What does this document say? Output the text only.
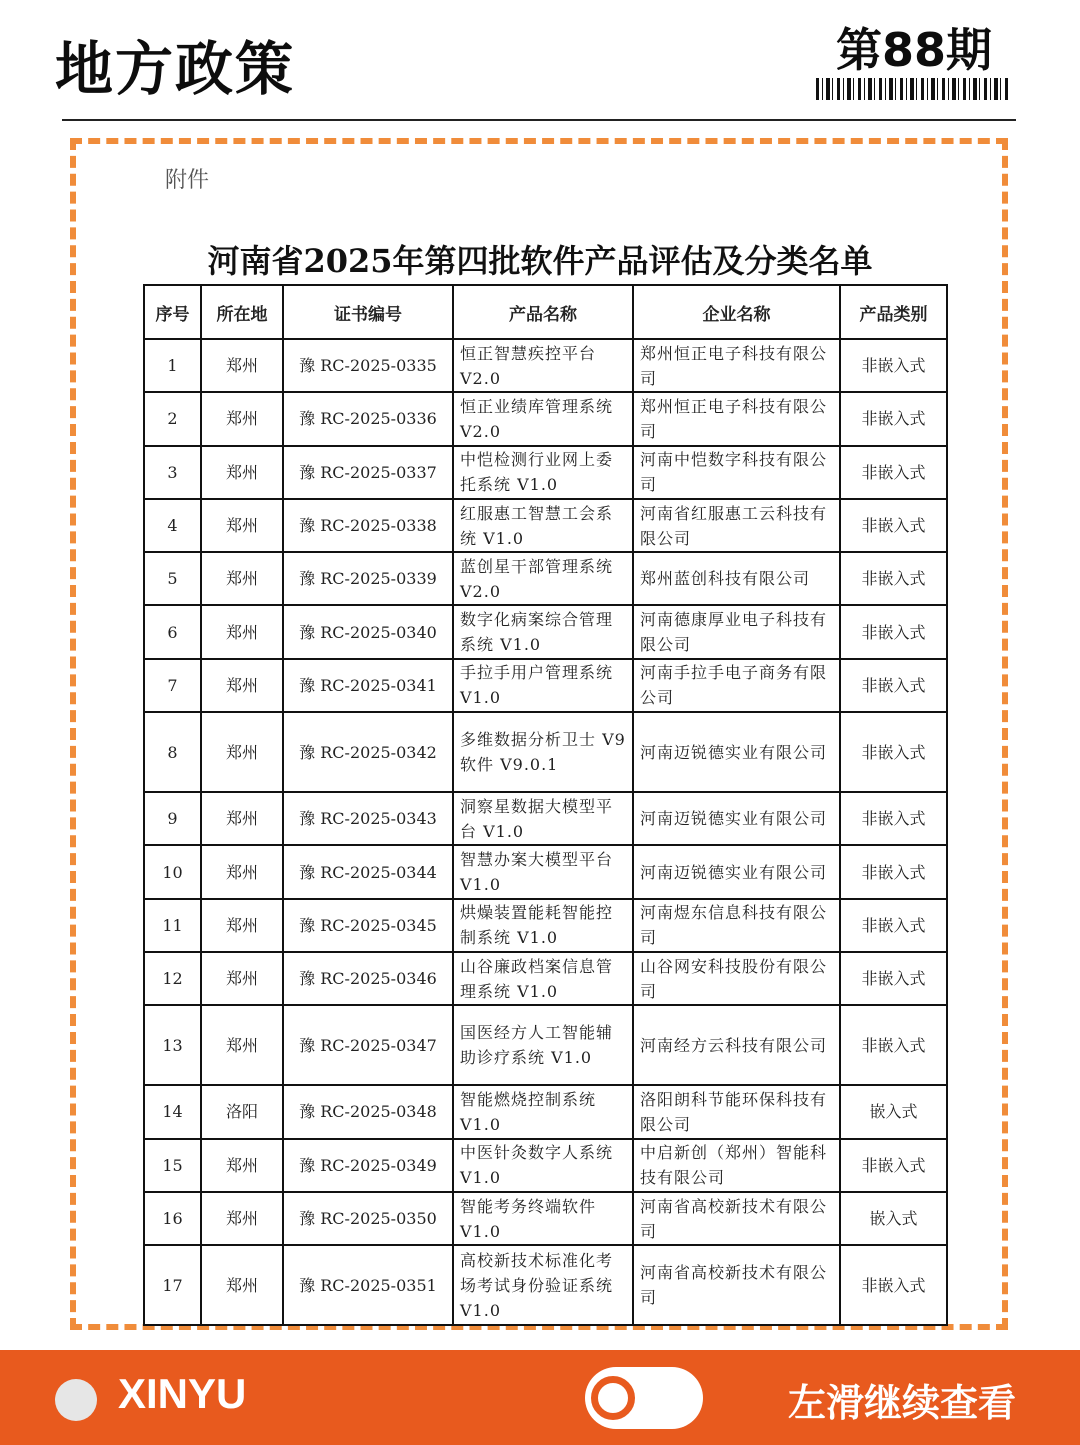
地方政策	第88期
附件
河南省2025年第四批软件产品评估及分类名单
序号	所在地	证书编号	产品名称	企业名称	产品类别
1	郑州	豫 RC-2025-0335	恒正智慧疾控平台 V2.0	郑州恒正电子科技有限公司	非嵌入式
2	郑州	豫 RC-2025-0336	恒正业绩库管理系统 V2.0	郑州恒正电子科技有限公司	非嵌入式
3	郑州	豫 RC-2025-0337	中恺检测行业网上委托系统 V1.0	河南中恺数字科技有限公司	非嵌入式
4	郑州	豫 RC-2025-0338	红服惠工智慧工会系统 V1.0	河南省红服惠工云科技有限公司	非嵌入式
5	郑州	豫 RC-2025-0339	蓝创星干部管理系统 V2.0	郑州蓝创科技有限公司	非嵌入式
6	郑州	豫 RC-2025-0340	数字化病案综合管理系统 V1.0	河南德康厚业电子科技有限公司	非嵌入式
7	郑州	豫 RC-2025-0341	手拉手用户管理系统 V1.0	河南手拉手电子商务有限公司	非嵌入式
8	郑州	豫 RC-2025-0342	多维数据分析卫士 V9 软件 V9.0.1	河南迈锐德实业有限公司	非嵌入式
9	郑州	豫 RC-2025-0343	洞察星数据大模型平台 V1.0	河南迈锐德实业有限公司	非嵌入式
10	郑州	豫 RC-2025-0344	智慧办案大模型平台 V1.0	河南迈锐德实业有限公司	非嵌入式
11	郑州	豫 RC-2025-0345	烘燥装置能耗智能控制系统 V1.0	河南煜东信息科技有限公司	非嵌入式
12	郑州	豫 RC-2025-0346	山谷廉政档案信息管理系统 V1.0	山谷网安科技股份有限公司	非嵌入式
13	郑州	豫 RC-2025-0347	国医经方人工智能辅助诊疗系统 V1.0	河南经方云科技有限公司	非嵌入式
14	洛阳	豫 RC-2025-0348	智能燃烧控制系统 V1.0	洛阳朗科节能环保科技有限公司	嵌入式
15	郑州	豫 RC-2025-0349	中医针灸数字人系统 V1.0	中启新创（郑州）智能科技有限公司	非嵌入式
16	郑州	豫 RC-2025-0350	智能考务终端软件 V1.0	河南省高校新技术有限公司	嵌入式
17	郑州	豫 RC-2025-0351	高校新技术标准化考场考试身份验证系统 V1.0	河南省高校新技术有限公司	非嵌入式
XINYU	左滑继续查看
